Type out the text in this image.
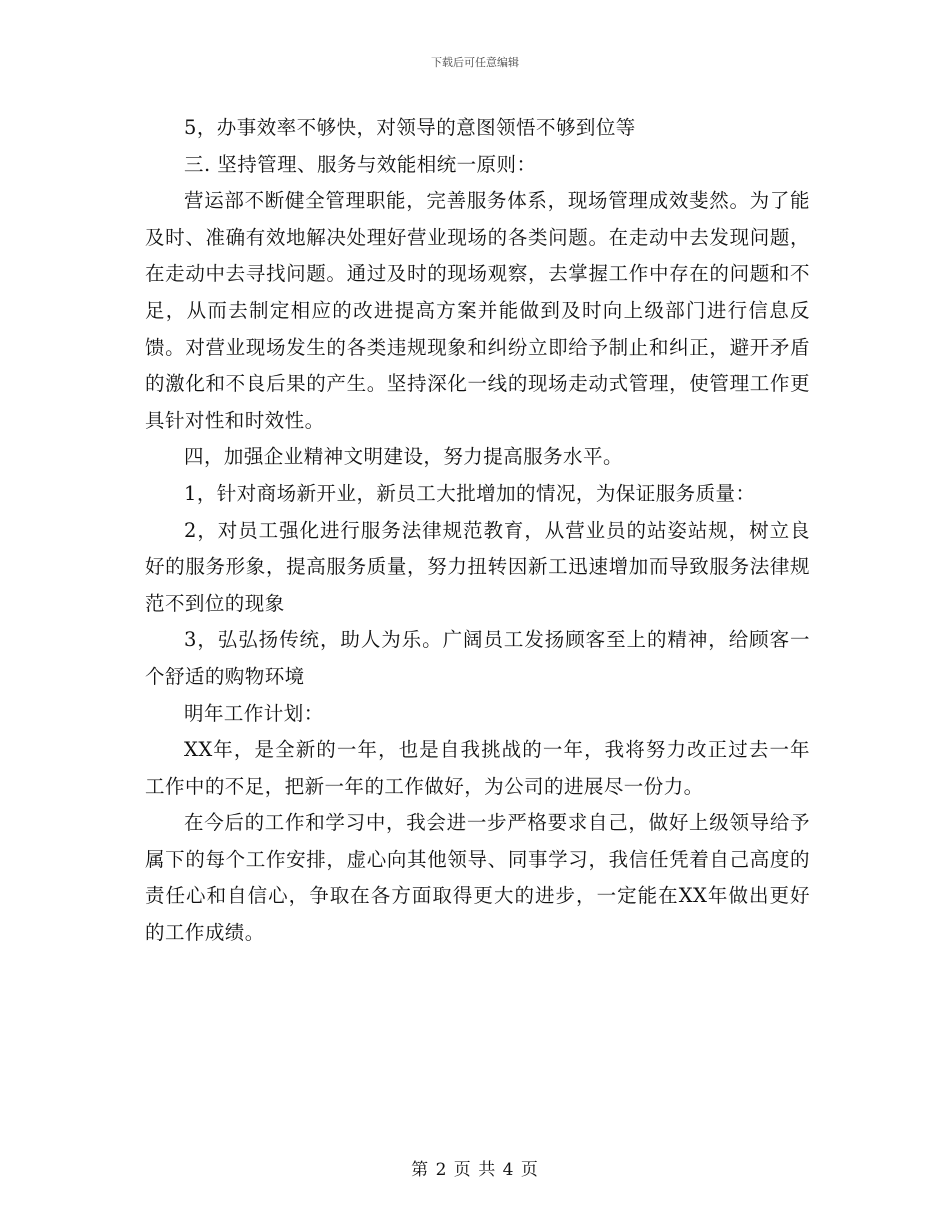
下载后可任意编辑

5，办事效率不够快，对领导的意图领悟不够到位等

三. 坚持管理、服务与效能相统一原则：

营运部不断健全管理职能，完善服务体系，现场管理成效斐然。为了能及时、准确有效地解决处理好营业现场的各类问题。在走动中去发现问题，在走动中去寻找问题。通过及时的现场观察，去掌握工作中存在的问题和不足，从而去制定相应的改进提高方案并能做到及时向上级部门进行信息反馈。对营业现场发生的各类违规现象和纠纷立即给予制止和纠正，避开矛盾的激化和不良后果的产生。坚持深化一线的现场走动式管理，使管理工作更具针对性和时效性。

四，加强企业精神文明建设，努力提高服务水平。

1，针对商场新开业，新员工大批增加的情况，为保证服务质量：

2，对员工强化进行服务法律规范教育，从营业员的站姿站规，树立良好的服务形象，提高服务质量，努力扭转因新工迅速增加而导致服务法律规范不到位的现象

3，弘弘扬传统，助人为乐。广阔员工发扬顾客至上的精神，给顾客一个舒适的购物环境

明年工作计划：

XX年，是全新的一年，也是自我挑战的一年，我将努力改正过去一年工作中的不足，把新一年的工作做好，为公司的进展尽一份力。

在今后的工作和学习中，我会进一步严格要求自己，做好上级领导给予属下的每个工作安排，虚心向其他领导、同事学习，我信任凭着自己高度的责任心和自信心，争取在各方面取得更大的进步，一定能在XX年做出更好的工作成绩。

第 2 页 共 4 页
